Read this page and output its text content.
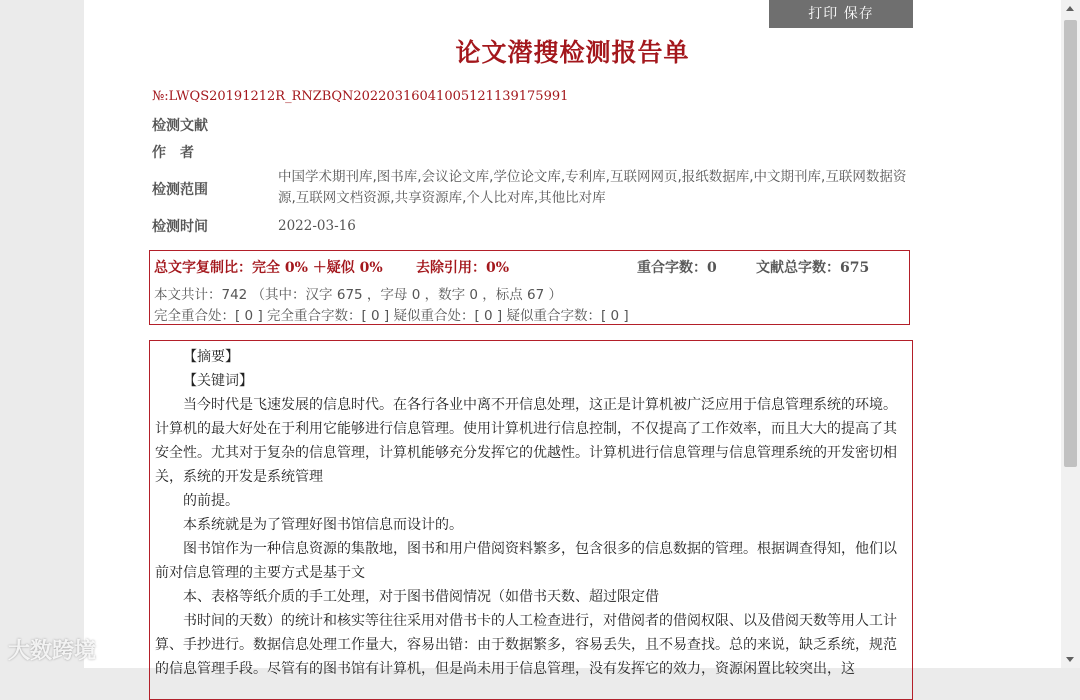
打印 保存
论文潜搜检测报告单
№:LWQS20191212R_RNZBQN20220316041005121139175991
检测文献
作　者
检测范围
中国学术期刊库,图书库,会议论文库,学位论文库,专利库,互联网网页,报纸数据库,中文期刊库,互联网数据资源,互联网文档资源,共享资源库,个人比对库,其他比对库
检测时间	2022-03-16
总文字复制比：完全 0% ＋疑似 0% 去除引用：0%	重合字数：0	文献总字数：675
本文共计：742 （其中：汉字 675 ，字母 0 ，数字 0 ，标点 67 ）
完全重合处：[ 0 ] 完全重合字数：[ 0 ] 疑似重合处：[ 0 ] 疑似重合字数：[ 0 ]

【摘要】

【关键词】

当今时代是飞速发展的信息时代。在各行各业中离不开信息处理，这正是计算机被广泛应用于信息管理系统的环境。计算机的最大好处在于利用它能够进行信息管理。使用计算机进行信息控制，不仅提高了工作效率，而且大大的提高了其安全性。尤其对于复杂的信息管理，计算机能够充分发挥它的优越性。计算机进行信息管理与信息管理系统的开发密切相关，系统的开发是系统管理

的前提。

本系统就是为了管理好图书馆信息而设计的。

图书馆作为一种信息资源的集散地，图书和用户借阅资料繁多，包含很多的信息数据的管理。根据调查得知，他们以前对信息管理的主要方式是基于文

本、表格等纸介质的手工处理，对于图书借阅情况（如借书天数、超过限定借

书时间的天数）的统计和核实等往往采用对借书卡的人工检查进行，对借阅者的借阅权限、以及借阅天数等用人工计算、手抄进行。数据信息处理工作量大，容易出错：由于数据繁多，容易丢失，且不易查找。总的来说，缺乏系统，规范的信息管理手段。尽管有的图书馆有计算机，但是尚未用于信息管理，没有发挥它的效力，资源闲置比较突出，这

大数跨境
